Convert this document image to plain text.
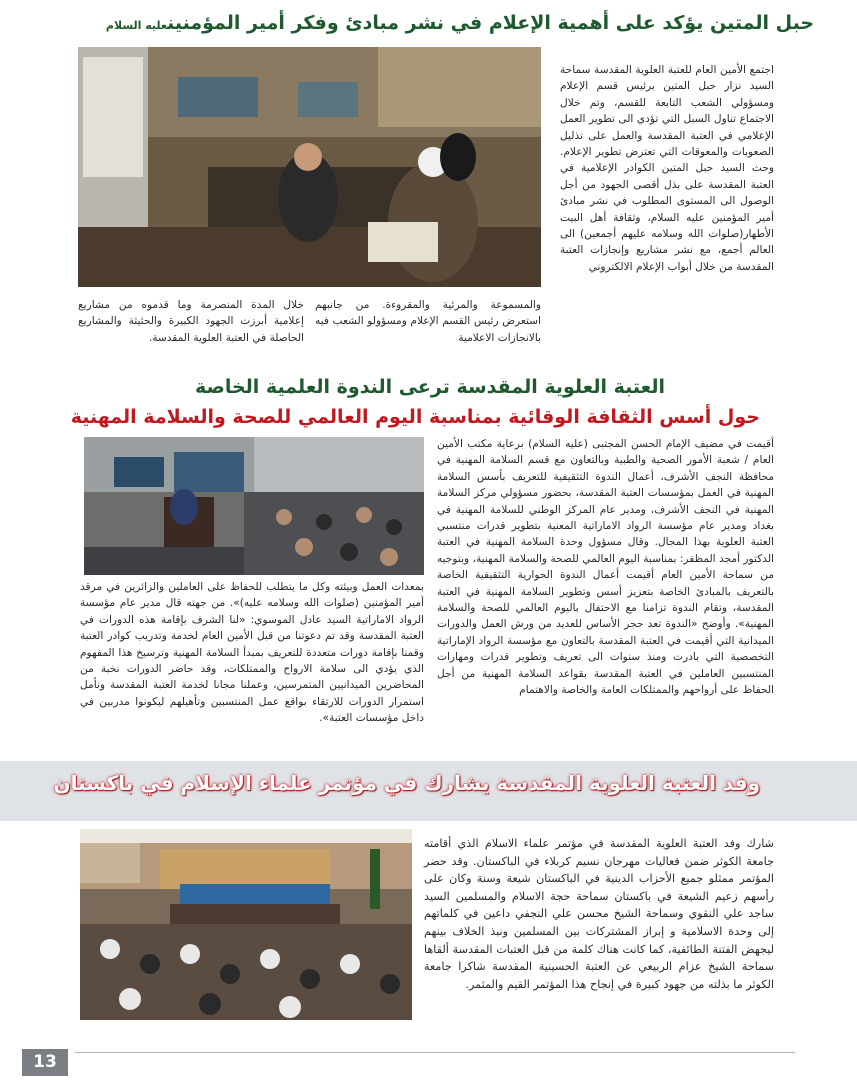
حبل المتين يؤكد على أهمية الإعلام في نشر مبادئ وفكر أمير المؤمنينعليه السلام
اجتمع الأمين العام للعتبة العلوية المقدسة سماحة السيد نزار حبل المتين برئيس قسم الإعلام ومسؤولي الشعب التابعة للقسم، وتم خلال الاجتماع تناول السبل التي تؤدي الى تطوير العمل الإعلامي في العتبة المقدسة والعمل على تذليل الصعوبات والمعوقات التي تعترض تطوير الإعلام. وحث السيد حبل المتين الكوادر الإعلامية في العتبة المقدسة على بذل أقصى الجهود من أجل الوصول الى المستوى المطلوب في نشر مبادئ أمير المؤمنين عليه السلام، وثقافة أهل البيت الأطهار(صلوات الله وسلامه عليهم أجمعين) الى العالم أجمع، مع نشر مشاريع وإنجازات العتبة المقدسة من خلال أبواب الإعلام الالكتروني
والمسموعة والمرئية والمقروءة. من جانبهم استعرض رئيس القسم الإعلام ومسؤولو الشعب فيه بالانجازات الاعلامية
خلال المدة المنصرمة وما قدموه من مشاريع إعلامية أبرزت الجهود الكبيرة والحثيثة والمشاريع الحاصلة في العتبة العلوية المقدسة.
العتبة العلوية المقدسة ترعى الندوة العلمية الخاصة
حول أسس الثقافة الوقائية بمناسبة اليوم العالمي للصحة والسلامة المهنية
أقيمت في مضيف الإمام الحسن المجتبى (عليه السلام) برعاية مكتب الأمين العام / شعبة الأمور الصحية والطبية وبالتعاون مع قسم السلامة المهنية في محافظة النجف الأشرف، أعمال الندوة التثقيفية للتعريف بأسس السلامة المهنية في العمل بمؤسسات العتبة المقدسة، بحضور مسؤولي مركز السلامة المهنية في النجف الأشرف، ومدير عام المركز الوطني للسلامة المهنية في بغداد ومدير عام مؤسسة الرواد الاماراتية المعنية بتطوير قدرات منتسبي العتبة العلوية بهذا المجال. وقال مسؤول وحدة السلامة المهنية في العتبة الدكتور أمجد المظفر: بمناسبة اليوم العالمي للصحة والسلامة المهنية، وبتوجيه من سماحة الأمين العام أقيمت أعمال الندوة الحوارية التثقيفية الخاصة بالتعريف بالمبادئ الخاصة بتعزيز أسس وتطوير السلامة المهنية في العتبة المقدسة، وتقام الندوة تزامنا مع الاحتفال باليوم العالمي للصحة والسلامة المهنية». وأوضح «الندوة تعد حجر الأساس للعديد من ورش العمل والدورات الميدانية التي أقيمت في العتبة المقدسة بالتعاون مع مؤسسة الرواد الإماراتية التخصصية التي بادرت ومنذ سنوات الى تعريف وتطوير قدرات ومهارات المنتسبين العاملين في العتبة المقدسة بقواعد السلامة المهنية من أجل الحفاظ على أرواحهم والممتلكات العامة والخاصة والاهتمام
بمعدات العمل وبيئته وكل ما يتطلب للحفاظ على العاملين والزائرين في مرقد أمير المؤمنين (صلوات الله وسلامه عليه)». من جهته قال مدير عام مؤسسة الرواد الاماراتية السيد عادل الموسوي: «لنا الشرف بإقامة هذه الدورات في العتبة المقدسة وقد تم دعوتنا من قبل الأمين العام لخدمة وتدريب كوادر العتبة وقمنا بإقامة دورات متعددة للتعريف بمبدأ السلامة المهنية وترسيخ هذا المفهوم الذي يؤدي الى سلامة الارواح والممتلكات، وقد حاضر الدورات نخبة من المحاضرين الميدانيين المتمرسين، وعملنا مجانا لخدمة العتبة المقدسة ونأمل استمرار الدورات للارتقاء بواقع عمل المنتسبين وتأهيلهم ليكونوا مدربين في داخل مؤسسات العتبة».
وفد العتبة العلوية المقدسة يشارك في مؤتمر علماء الإسلام في باكستان
شارك وفد العتبة العلوية المقدسة في مؤتمر علماء الاسلام الذي أقامته جامعة الكوثر ضمن فعاليات مهرجان نسيم كربلاء في الباكستان. وقد حضر المؤتمر ممثلو جميع الأحزاب الدينية في الباكستان شيعة وسنة وكان على رأسهم زعيم الشيعة في باكستان سماحة حجة الاسلام والمسلمين السيد ساجد علي النقوي وسماحة الشيخ محسن علي النجفي داعين في كلماتهم إلى وحدة الاسلامية و إبراز المشتركات بين المسلمين ونبذ الخلاف بينهم ليجهض الفتنة الطائفية، كما كانت هناك كلمة من قبل العتبات المقدسة ألقاها سماحة الشيخ عزام الربيعي عن العتبة الحسينية المقدسة شاكرا جامعة الكوثر ما بذلته من جهود كبيرة في إنجاح هذا المؤتمر القيم والمثمر.
13
